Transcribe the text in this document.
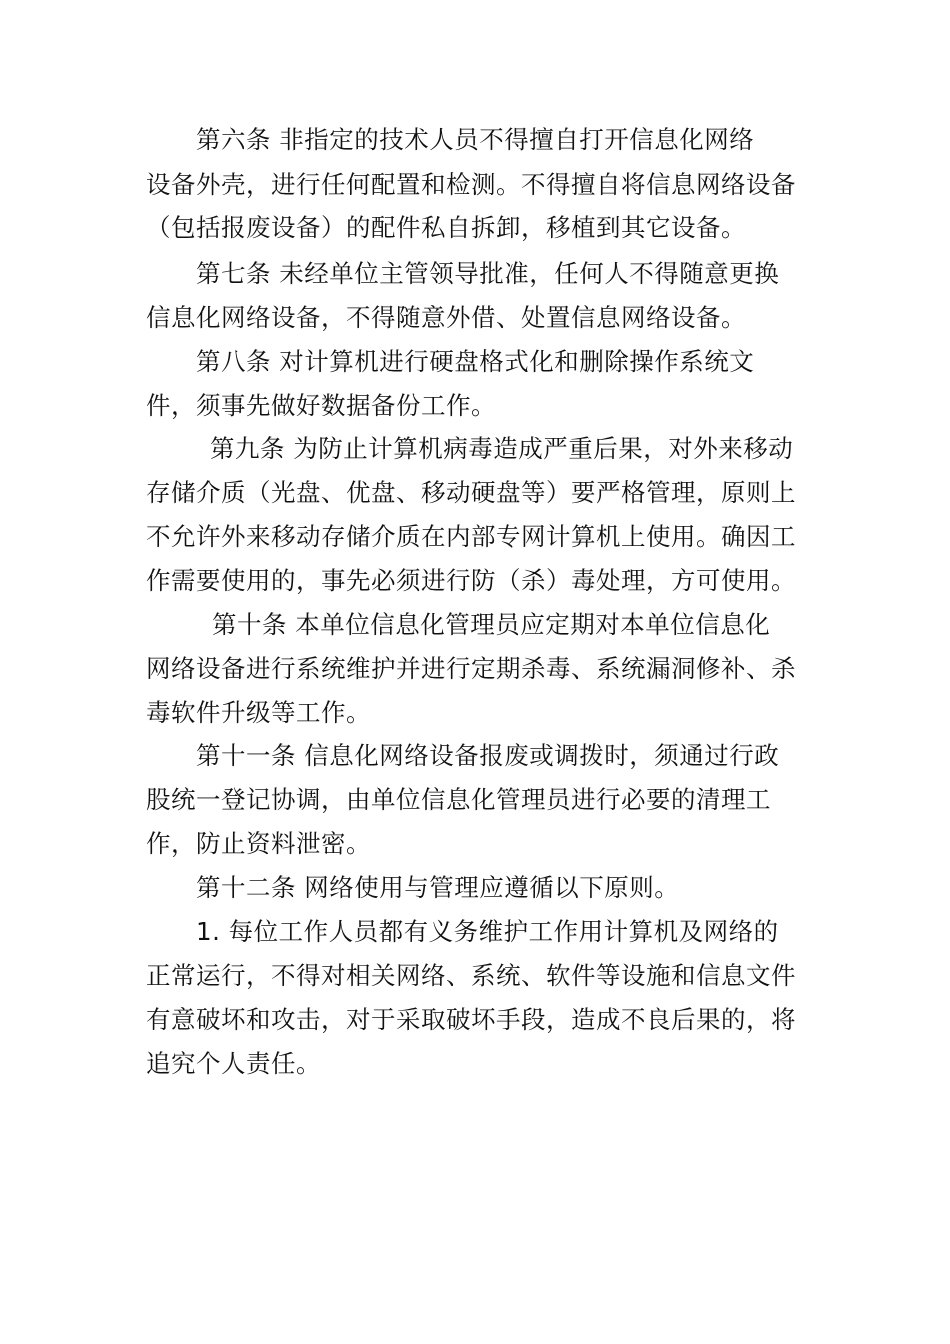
第六条 非指定的技术人员不得擅自打开信息化网络
设备外壳，进行任何配置和检测。不得擅自将信息网络设备
（包括报废设备）的配件私自拆卸，移植到其它设备。
第七条 未经单位主管领导批准，任何人不得随意更换
信息化网络设备，不得随意外借、处置信息网络设备。
第八条 对计算机进行硬盘格式化和删除操作系统文
件，须事先做好数据备份工作。
第九条 为防止计算机病毒造成严重后果，对外来移动
存储介质（光盘、优盘、移动硬盘等）要严格管理，原则上
不允许外来移动存储介质在内部专网计算机上使用。确因工
作需要使用的，事先必须进行防（杀）毒处理，方可使用。
第十条 本单位信息化管理员应定期对本单位信息化
网络设备进行系统维护并进行定期杀毒、系统漏洞修补、杀
毒软件升级等工作。
第十一条 信息化网络设备报废或调拨时，须通过行政
股统一登记协调，由单位信息化管理员进行必要的清理工
作，防止资料泄密。
第十二条 网络使用与管理应遵循以下原则。
1. 每位工作人员都有义务维护工作用计算机及网络的
正常运行，不得对相关网络、系统、软件等设施和信息文件
有意破坏和攻击，对于采取破坏手段，造成不良后果的，将
追究个人责任。
